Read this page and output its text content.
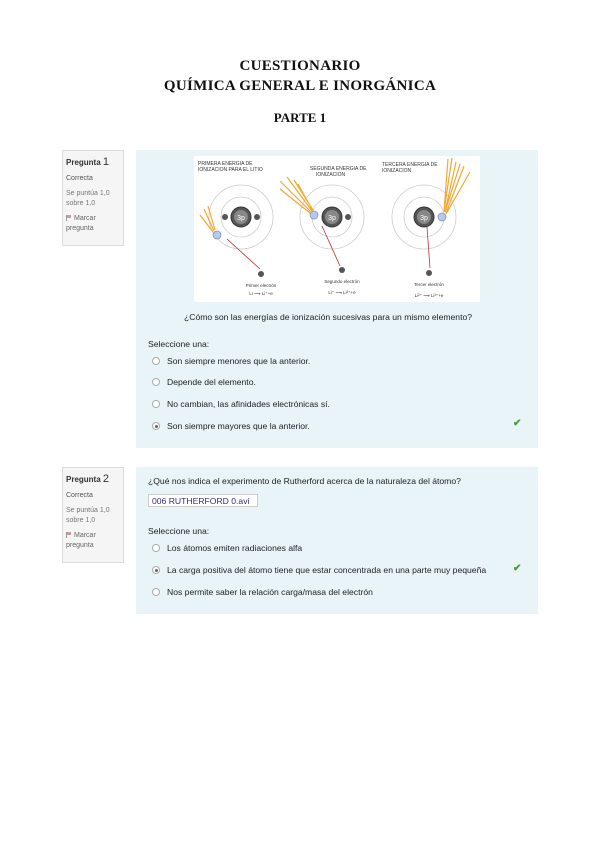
CUESTIONARIO
QUÍMICA GENERAL E INORGÁNICA
PARTE 1
Pregunta 1
Correcta
Se puntúa 1,0 sobre 1,0
Marcar pregunta
PRIMERA ENERGIA DE IONIZACION PARA EL LITIO	SEGUNDA ENERGIA DE IONIZACION
TERCERA ENERGIA DE IONIZACION
3p
Primer electrón
Li ⟶ Li⁺+e
3p
Segundo electrón
Li⁺ ⟶ Li²⁺+e
3p
Tercer electrón
Li²⁺ ⟶ Li³⁺+e
¿Cómo son las energías de ionización sucesivas para un mismo elemento?
Seleccione una:
Son siempre menores que la anterior.
Depende del elemento.
No cambian, las afinidades electrónicas sí.
Son siempre mayores que la anterior.	✔
Pregunta 2
Correcta
Se puntúa 1,0 sobre 1,0
Marcar pregunta
¿Qué nos indica el experimento de Rutherford acerca de la naturaleza del átomo?
006 RUTHERFORD 0.avi
Seleccione una:
Los átomos emiten radiaciones alfa
La carga positiva del átomo tiene que estar concentrada en una parte muy pequeña
Nos permite saber la relación carga/masa del electrón
✔
